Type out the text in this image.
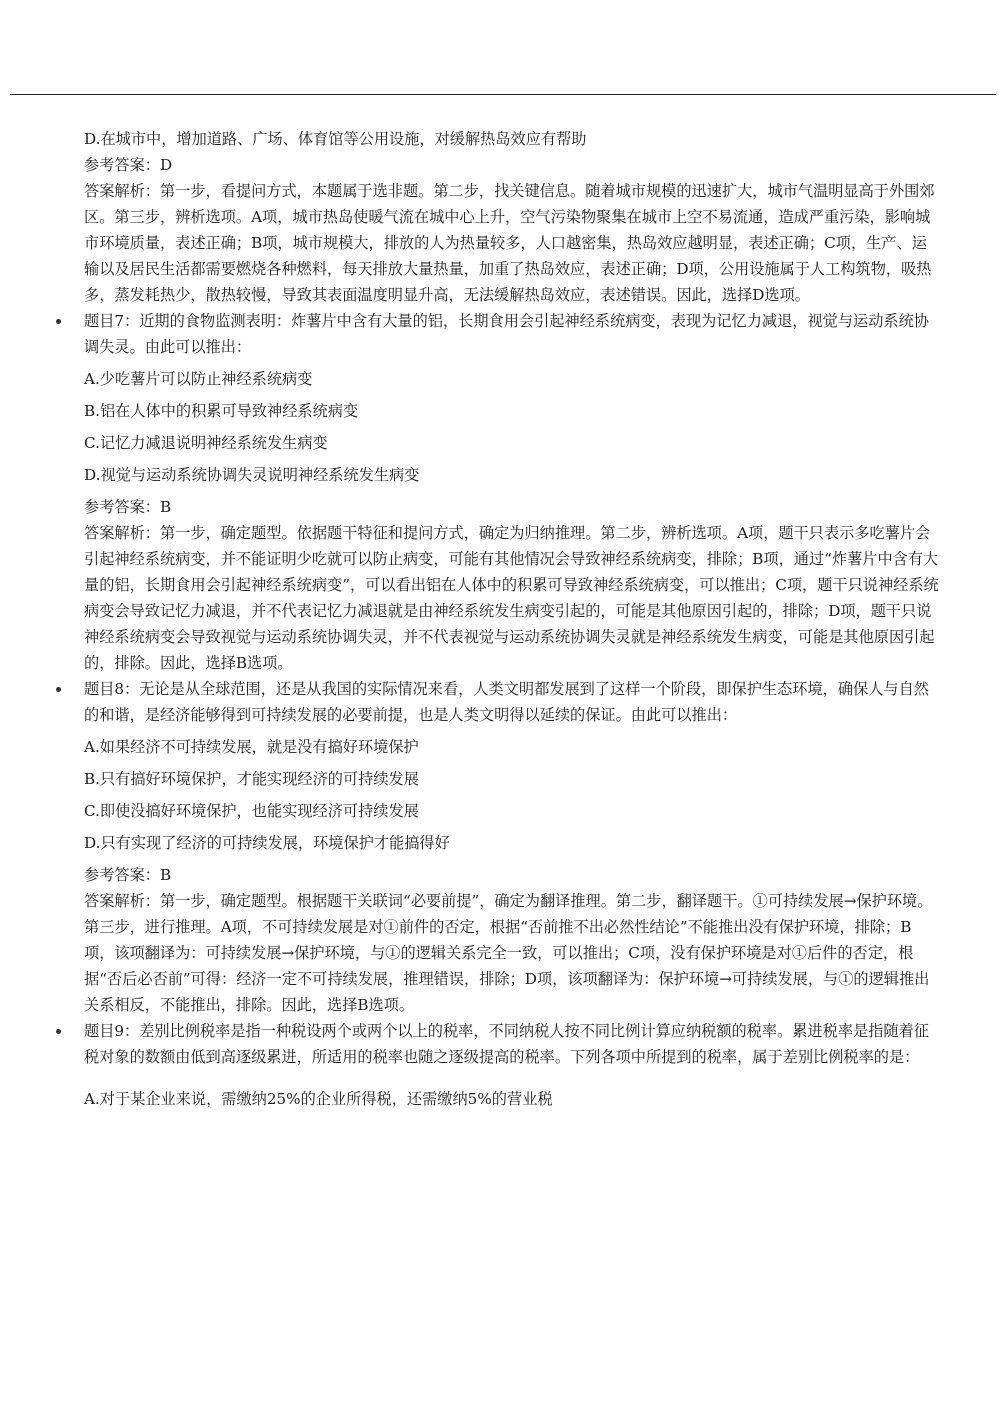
D.在城市中，增加道路、广场、体育馆等公用设施，对缓解热岛效应有帮助

参考答案：D

答案解析：第一步，看提问方式，本题属于选非题。第二步，找关键信息。随着城市规模的迅速扩大，城市气温明显高于外围郊区。第三步，辨析选项。A项，城市热岛使暖气流在城中心上升，空气污染物聚集在城市上空不易流通，造成严重污染，影响城市环境质量，表述正确；B项，城市规模大，排放的人为热量较多，人口越密集，热岛效应越明显，表述正确；C项，生产、运输以及居民生活都需要燃烧各种燃料，每天排放大量热量，加重了热岛效应，表述正确；D项，公用设施属于人工构筑物，吸热多，蒸发耗热少，散热较慢，导致其表面温度明显升高，无法缓解热岛效应，表述错误。因此，选择D选项。

题目7：近期的食物监测表明：炸薯片中含有大量的铝，长期食用会引起神经系统病变，表现为记忆力减退，视觉与运动系统协调失灵。由此可以推出：

A.少吃薯片可以防止神经系统病变

B.铝在人体中的积累可导致神经系统病变

C.记忆力减退说明神经系统发生病变

D.视觉与运动系统协调失灵说明神经系统发生病变

参考答案：B

答案解析：第一步，确定题型。依据题干特征和提问方式，确定为归纳推理。第二步，辨析选项。A项，题干只表示多吃薯片会引起神经系统病变，并不能证明少吃就可以防止病变，可能有其他情况会导致神经系统病变，排除；B项，通过“炸薯片中含有大量的铝，长期食用会引起神经系统病变”，可以看出铝在人体中的积累可导致神经系统病变，可以推出；C项，题干只说神经系统病变会导致记忆力减退，并不代表记忆力减退就是由神经系统发生病变引起的，可能是其他原因引起的，排除；D项，题干只说神经系统病变会导致视觉与运动系统协调失灵，并不代表视觉与运动系统协调失灵就是神经系统发生病变，可能是其他原因引起的，排除。因此，选择B选项。

题目8：无论是从全球范围，还是从我国的实际情况来看，人类文明都发展到了这样一个阶段，即保护生态环境，确保人与自然的和谐，是经济能够得到可持续发展的必要前提，也是人类文明得以延续的保证。由此可以推出：

A.如果经济不可持续发展，就是没有搞好环境保护

B.只有搞好环境保护，才能实现经济的可持续发展

C.即使没搞好环境保护，也能实现经济可持续发展

D.只有实现了经济的可持续发展，环境保护才能搞得好

参考答案：B

答案解析：第一步，确定题型。根据题干关联词“必要前提”，确定为翻译推理。第二步，翻译题干。①可持续发展→保护环境。第三步，进行推理。A项，不可持续发展是对①前件的否定，根据“否前推不出必然性结论”不能推出没有保护环境，排除；B项，该项翻译为：可持续发展→保护环境，与①的逻辑关系完全一致，可以推出；C项，没有保护环境是对①后件的否定，根据“否后必否前”可得：经济一定不可持续发展，推理错误，排除；D项，该项翻译为：保护环境→可持续发展，与①的逻辑推出关系相反，不能推出，排除。因此，选择B选项。

题目9：差别比例税率是指一种税设两个或两个以上的税率，不同纳税人按不同比例计算应纳税额的税率。累进税率是指随着征税对象的数额由低到高逐级累进，所适用的税率也随之逐级提高的税率。下列各项中所提到的税率，属于差别比例税率的是：

A.对于某企业来说，需缴纳25%的企业所得税，还需缴纳5%的营业税
